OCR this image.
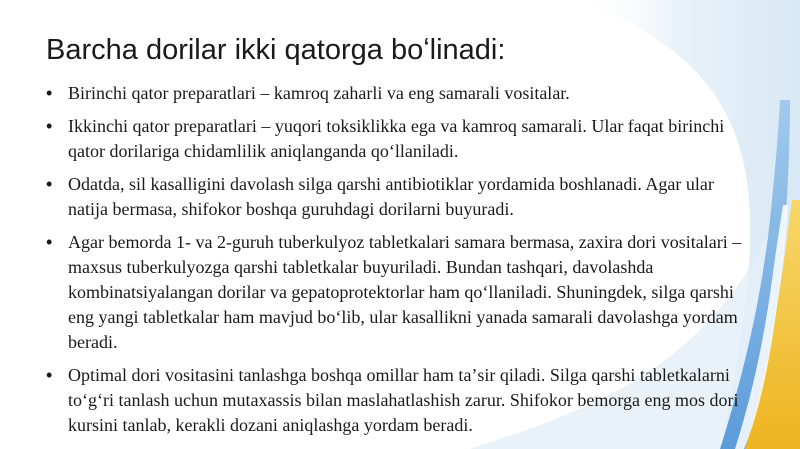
Barcha dorilar ikki qatorga boʻlinadi:
• Birinchi qator preparatlari – kamroq zaharli va eng samarali vositalar.
• Ikkinchi qator preparatlari – yuqori toksiklikka ega va kamroq samarali. Ular faqat birinchi qator dorilariga chidamlilik aniqlanganda qoʻllaniladi.
• Odatda, sil kasalligini davolash silga qarshi antibiotiklar yordamida boshlanadi. Agar ular natija bermasa, shifokor boshqa guruhdagi dorilarni buyuradi.
• Agar bemorda 1- va 2-guruh tuberkulyoz tabletkalari samara bermasa, zaxira dori vositalari – maxsus tuberkulyozga qarshi tabletkalar buyuriladi. Bundan tashqari, davolashda kombinatsiyalangan dorilar va gepatoprotektorlar ham qoʻllaniladi. Shuningdek, silga qarshi eng yangi tabletkalar ham mavjud boʻlib, ular kasallikni yanada samarali davolashga yordam beradi.
• Optimal dori vositasini tanlashga boshqa omillar ham taʼsir qiladi. Silga qarshi tabletkalarni toʻgʻri tanlash uchun mutaxassis bilan maslahatlashish zarur. Shifokor bemorga eng mos dori kursini tanlab, kerakli dozani aniqlashga yordam beradi.
